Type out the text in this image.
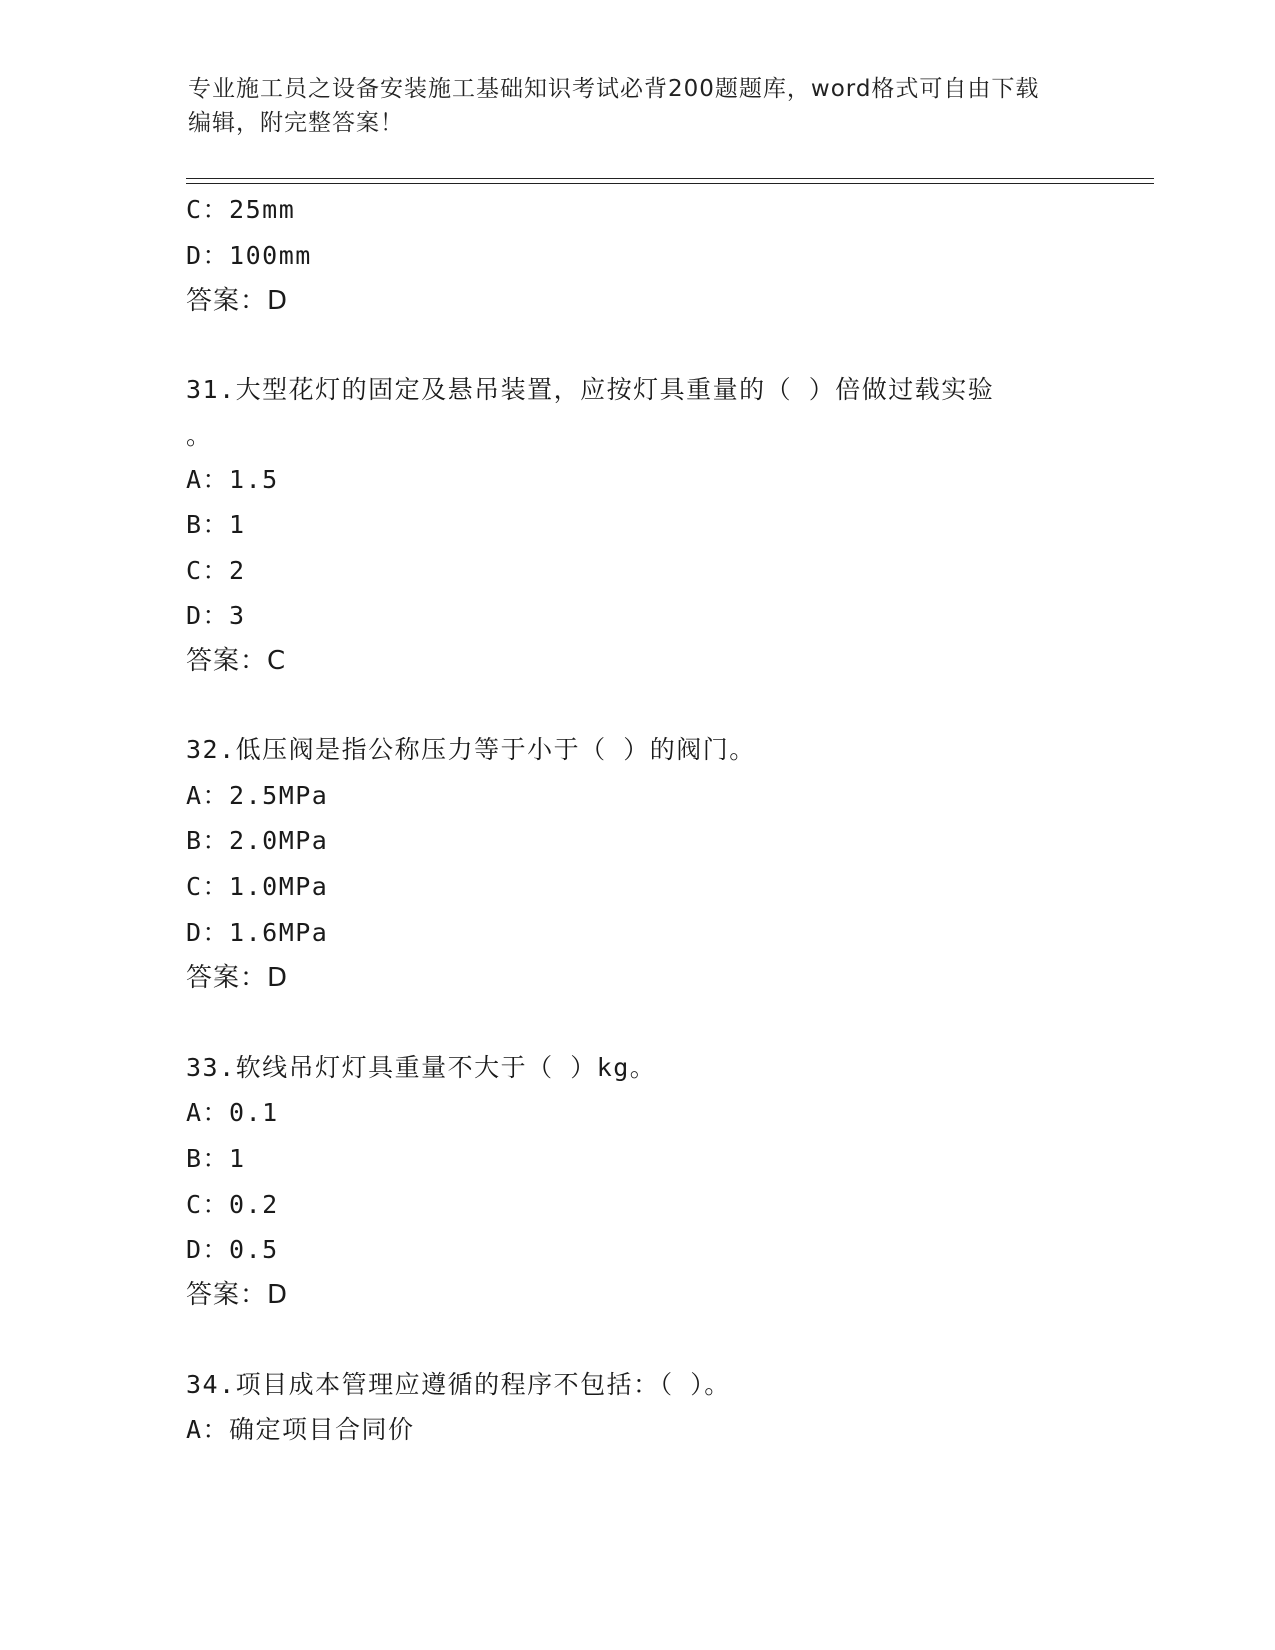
专业施工员之设备安装施工基础知识考试必背200题题库，word格式可自由下载
编辑，附完整答案！
C：25mm
D：100mm
答案：D
31.大型花灯的固定及悬吊装置，应按灯具重量的（ ）倍做过载实验
。
A：1.5
B：1
C：2
D：3
答案：C
32.低压阀是指公称压力等于小于（ ）的阀门。
A：2.5MPa
B：2.0MPa
C：1.0MPa
D：1.6MPa
答案：D
33.软线吊灯灯具重量不大于（ ）kg。
A：0.1
B：1
C：0.2
D：0.5
答案：D
34.项目成本管理应遵循的程序不包括：（ ）。
A：确定项目合同价
